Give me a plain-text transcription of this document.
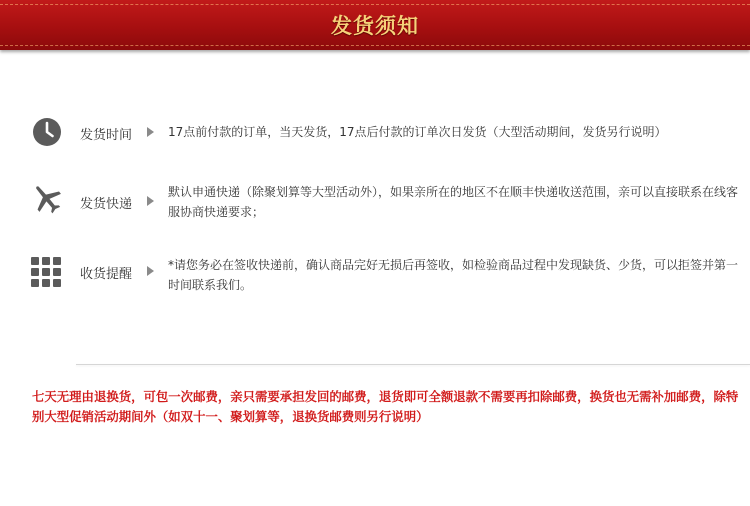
发货须知
发货时间	17点前付款的订单，当天发货，17点后付款的订单次日发货（大型活动期间，发货另行说明）
发货快递
默认申通快递（除聚划算等大型活动外），如果亲所在的地区不在顺丰快递收送范围，亲可以直接联系在线客服协商快递要求；
收货提醒
*请您务必在签收快递前，确认商品完好无损后再签收，如检验商品过程中发现缺货、少货，可以拒签并第一时间联系我们。
七天无理由退换货，可包一次邮费，亲只需要承担发回的邮费，退货即可全额退款不需要再扣除邮费，换货也无需补加邮费，除特别大型促销活动期间外（如双十一、聚划算等，退换货邮费则另行说明）
